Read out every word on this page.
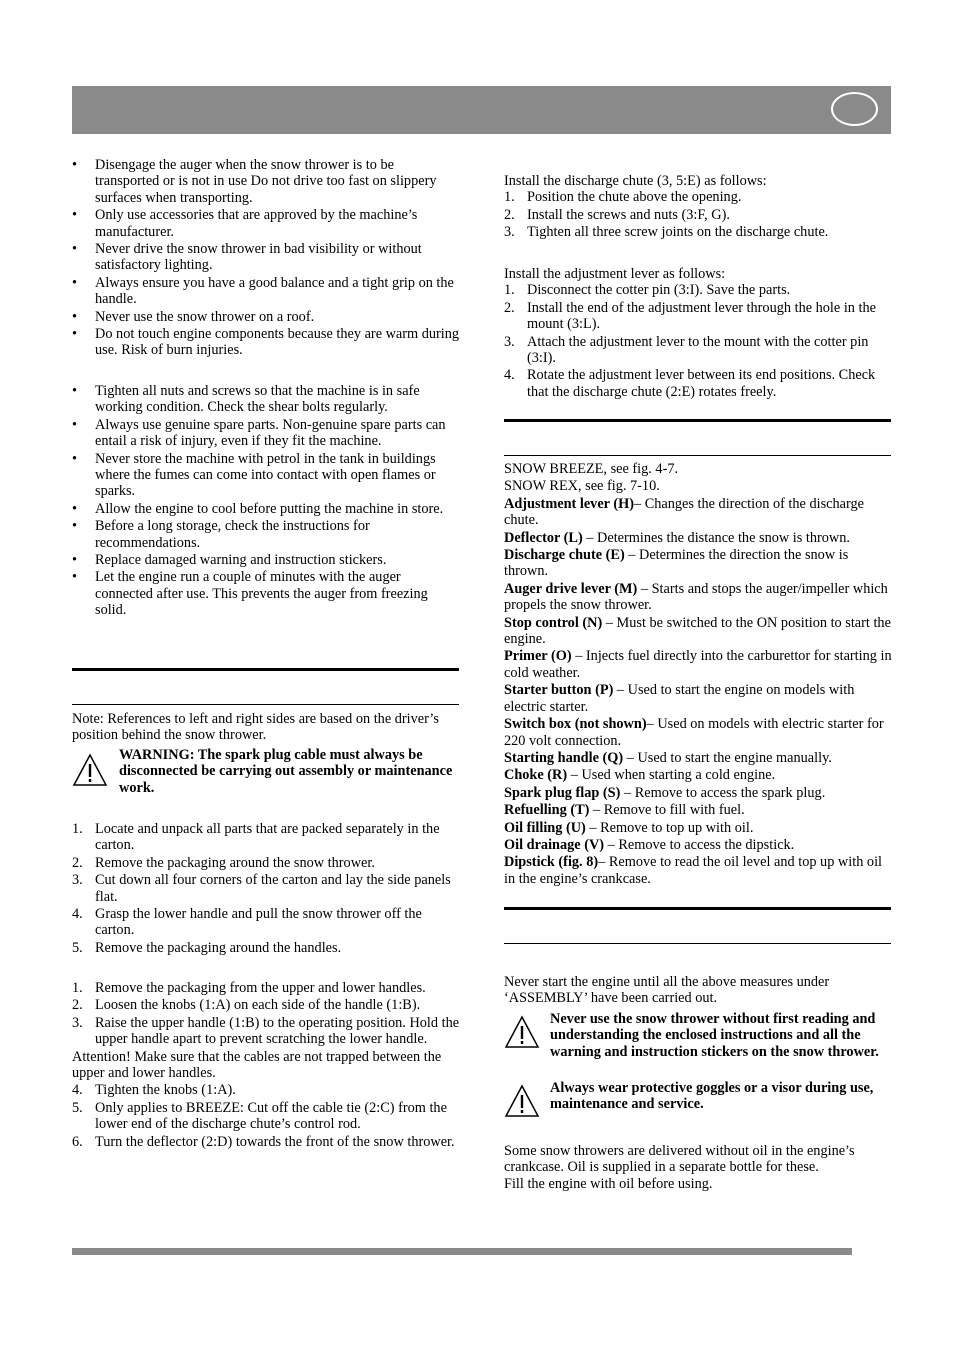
• Disengage the auger when the snow thrower is to be transported or is not in use Do not drive too fast on slippery surfaces when transporting.
• Only use accessories that are approved by the machine’s manufacturer.
• Never drive the snow thrower in bad visibility or without satisfactory lighting.
• Always ensure you have a good balance and a tight grip on the handle.
• Never use the snow thrower on a roof.
• Do not touch engine components because they are warm during use. Risk of burn injuries.
• Tighten all nuts and screws so that the machine is in safe working condition. Check the shear bolts regularly.
• Always use genuine spare parts. Non-genuine spare parts can entail a risk of injury, even if they fit the machine.
• Never store the machine with petrol in the tank in buildings where the fumes can come into contact with open flames or sparks.
• Allow the engine to cool before putting the machine in store.
• Before a long storage, check the instructions for recommendations.
• Replace damaged warning and instruction stickers.
• Let the engine run a couple of minutes with the auger connected after use. This prevents the auger from freezing solid.

Note: References to left and right sides are based on the driver’s position behind the snow thrower.

WARNING: The spark plug cable must always be disconnected be carrying out assembly or maintenance work.

1. Locate and unpack all parts that are packed separately in the carton.
2. Remove the packaging around the snow thrower.
3. Cut down all four corners of the carton and lay the side panels flat.
4. Grasp the lower handle and pull the snow thrower off the carton.
5. Remove the packaging around the handles.
1. Remove the packaging from the upper and lower handles.
2. Loosen the knobs (1:A) on each side of the handle (1:B).
3. Raise the upper handle (1:B) to the operating position. Hold the upper handle apart to prevent scratching the lower handle.

Attention! Make sure that the cables are not trapped between the upper and lower handles.

4. Tighten the knobs (1:A).
5. Only applies to BREEZE: Cut off the cable tie (2:C) from the lower end of the discharge chute’s control rod.
6. Turn the deflector (2:D) towards the front of the snow thrower.

Install the discharge chute (3, 5:E) as follows:

1. Position the chute above the opening.
2. Install the screws and nuts (3:F, G).
3. Tighten all three screw joints on the discharge chute.

Install the adjustment lever as follows:

1. Disconnect the cotter pin (3:I). Save the parts.
2. Install the end of the adjustment lever through the hole in the mount (3:L).
3. Attach the adjustment lever to the mount with the cotter pin (3:I).
4. Rotate the adjustment lever between its end positions. Check that the discharge chute (2:E) rotates freely.

SNOW BREEZE, see fig. 4-7.

SNOW REX, see fig. 7-10.

Adjustment lever (H)– Changes the direction of the discharge chute.

Deflector (L) – Determines the distance the snow is thrown.

Discharge chute (E) – Determines the direction the snow is thrown.

Auger drive lever (M) – Starts and stops the auger/impeller which propels the snow thrower.

Stop control (N) – Must be switched to the ON position to start the engine.

Primer (O) – Injects fuel directly into the carburettor for starting in cold weather.

Starter button (P) – Used to start the engine on models with electric starter.

Switch box (not shown)– Used on models with electric starter for 220 volt connection.

Starting handle (Q) – Used to start the engine manually.

Choke (R) – Used when starting a cold engine.

Spark plug flap (S) – Remove to access the spark plug.

Refuelling (T) – Remove to fill with fuel.

Oil filling (U) – Remove to top up with oil.

Oil drainage (V) – Remove to access the dipstick.

Dipstick (fig. 8)– Remove to read the oil level and top up with oil in the engine’s crankcase.

Never start the engine until all the above measures under ‘ASSEMBLY’ have been carried out.

Never use the snow thrower without first reading and understanding the enclosed instructions and all the warning and instruction stickers on the snow thrower.

Always wear protective goggles or a visor during use, maintenance and service.

Some snow throwers are delivered without oil in the engine’s crankcase. Oil is supplied in a separate bottle for these.

Fill the engine with oil before using.
